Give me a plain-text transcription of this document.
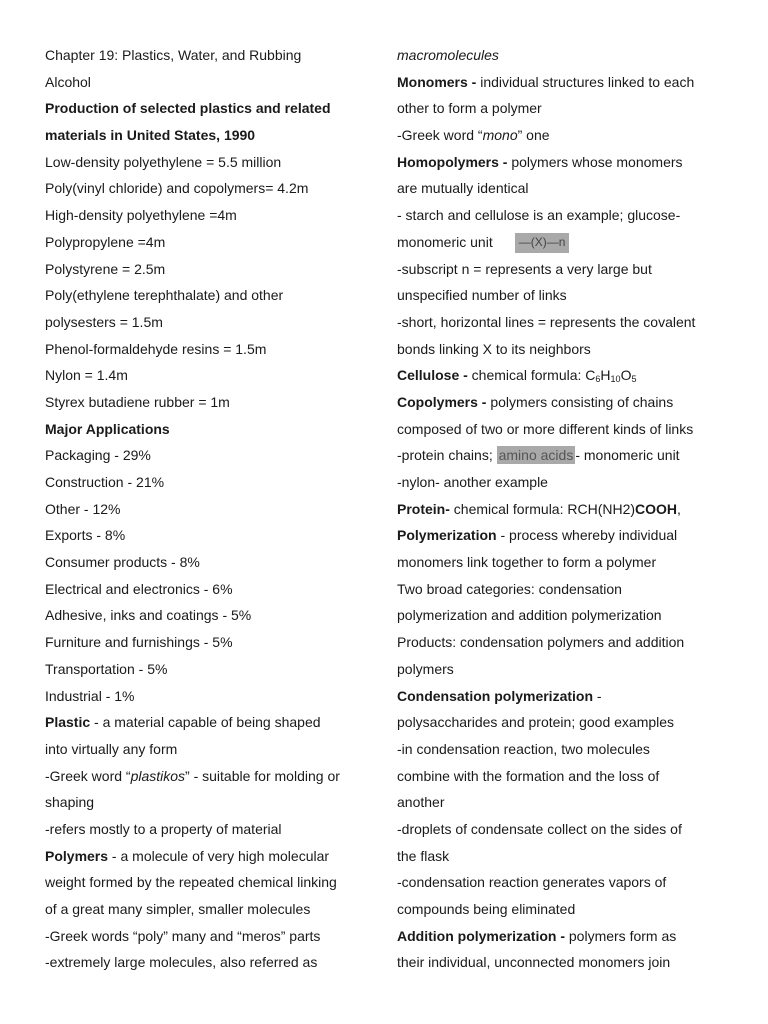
Chapter 19: Plastics, Water, and Rubbing
Alcohol
Production of selected plastics and related
materials in United States, 1990
Low-density polyethylene = 5.5 million
Poly(vinyl chloride) and copolymers= 4.2m
High-density polyethylene =4m
Polypropylene =4m
Polystyrene = 2.5m
Poly(ethylene terephthalate) and other
polysesters = 1.5m
Phenol-formaldehyde resins = 1.5m
Nylon = 1.4m
Styrex butadiene rubber = 1m
Major Applications
Packaging - 29%
Construction - 21%
Other - 12%
Exports - 8%
Consumer products - 8%
Electrical and electronics - 6%
Adhesive, inks and coatings - 5%
Furniture and furnishings - 5%
Transportation - 5%
Industrial - 1%
Plastic - a material capable of being shaped
into virtually any form
-Greek word “plastikos” - suitable for molding or
shaping
-refers mostly to a property of material
Polymers - a molecule of very high molecular
weight formed by the repeated chemical linking
of a great many simpler, smaller molecules
-Greek words “poly” many and “meros” parts
-extremely large molecules, also referred as
macromolecules
Monomers - individual structures linked to each
other to form a polymer
-Greek word “mono” one
Homopolymers - polymers whose monomers
are mutually identical
- starch and cellulose is an example; glucose-
monomeric unit —(X)—n
-subscript n = represents a very large but
unspecified number of links
-short, horizontal lines = represents the covalent
bonds linking X to its neighbors
Cellulose - chemical formula: $C_6H_{10}O_5$
Copolymers - polymers consisting of chains
composed of two or more different kinds of links
-protein chains; amino acids - monomeric unit
-nylon- another example
Protein- chemical formula: RCH(NH2)COOH,
Polymerization - process whereby individual
monomers link together to form a polymer
Two broad categories: condensation
polymerization and addition polymerization
Products: condensation polymers and addition
polymers
Condensation polymerization -
polysaccharides and protein; good examples
-in condensation reaction, two molecules
combine with the formation and the loss of
another
-droplets of condensate collect on the sides of
the flask
-condensation reaction generates vapors of
compounds being eliminated
Addition polymerization - polymers form as
their individual, unconnected monomers join
